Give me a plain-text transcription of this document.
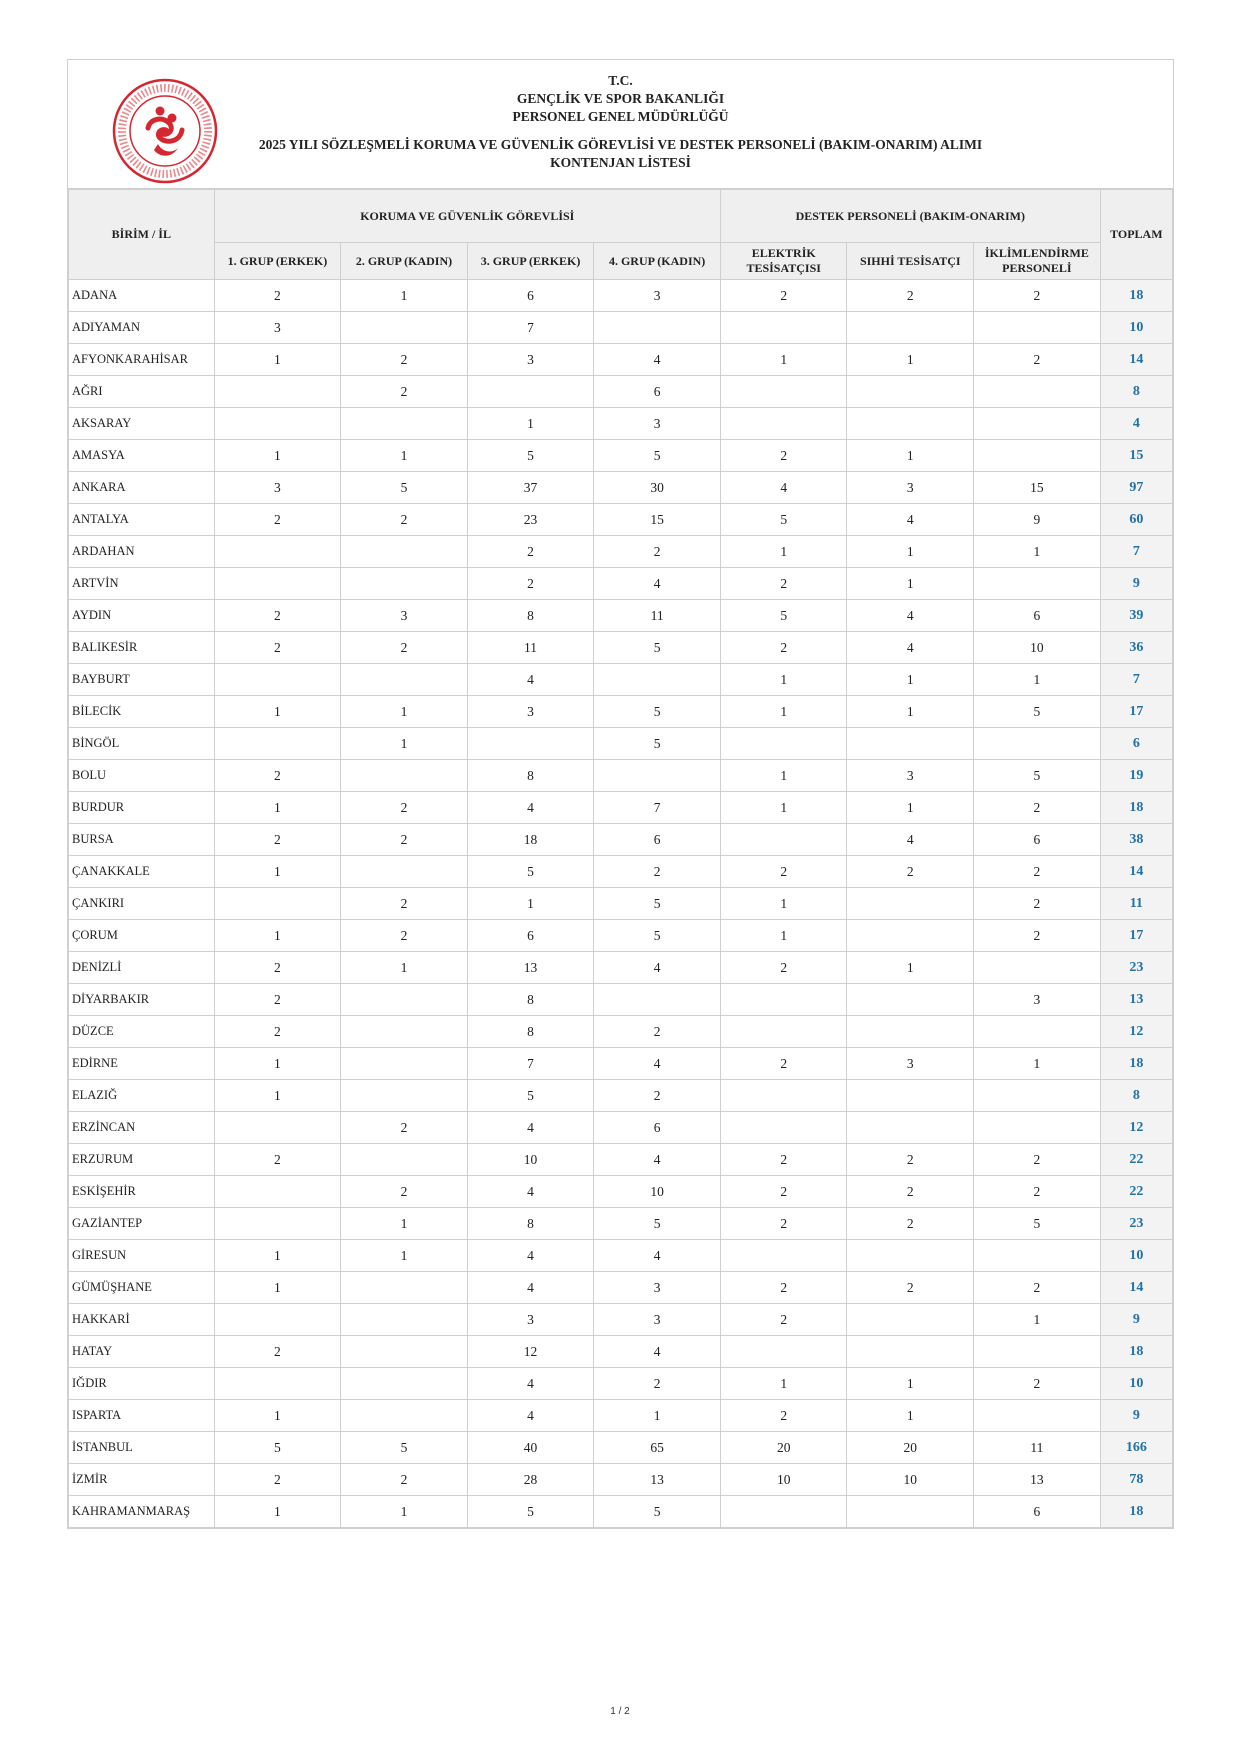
T.C.
GENÇLİK VE SPOR BAKANLIĞI
PERSONEL GENEL MÜDÜRLÜĞÜ
2025 YILI SÖZLEŞMELİ KORUMA VE GÜVENLİK GÖREVLİSİ VE DESTEK PERSONELİ (BAKIM-ONARIM) ALIMI
KONTENJAN LİSTESİ
BİRİM / İL	KORUMA VE GÜVENLİK GÖREVLİSİ				DESTEK PERSONELİ (BAKIM-ONARIM)			TOPLAM
	1. GRUP (ERKEK)	2. GRUP (KADIN)	3. GRUP (ERKEK)	4. GRUP (KADIN)	ELEKTRİK TESİSATÇISI	SIHHİ TESİSATÇI	İKLİMLENDİRME PERSONELİ	
ADANA	2	1	6	3	2	2	2	18
ADIYAMAN	3		7					10
AFYONKARAHİSAR	1	2	3	4	1	1	2	14
AĞRI		2		6				8
AKSARAY			1	3				4
AMASYA	1	1	5	5	2	1		15
ANKARA	3	5	37	30	4	3	15	97
ANTALYA	2	2	23	15	5	4	9	60
ARDAHAN			2	2	1	1	1	7
ARTVİN			2	4	2	1		9
AYDIN	2	3	8	11	5	4	6	39
BALIKESİR	2	2	11	5	2	4	10	36
BAYBURT			4		1	1	1	7
BİLECİK	1	1	3	5	1	1	5	17
BİNGÖL		1		5				6
BOLU	2		8		1	3	5	19
BURDUR	1	2	4	7	1	1	2	18
BURSA	2	2	18	6		4	6	38
ÇANAKKALE	1		5	2	2	2	2	14
ÇANKIRI		2	1	5	1		2	11
ÇORUM	1	2	6	5	1		2	17
DENİZLİ	2	1	13	4	2	1		23
DİYARBAKIR	2		8				3	13
DÜZCE	2		8	2				12
EDİRNE	1		7	4	2	3	1	18
ELAZIĞ	1		5	2				8
ERZİNCAN		2	4	6				12
ERZURUM	2		10	4	2	2	2	22
ESKİŞEHİR		2	4	10	2	2	2	22
GAZİANTEP		1	8	5	2	2	5	23
GİRESUN	1	1	4	4				10
GÜMÜŞHANE	1		4	3	2	2	2	14
HAKKARİ			3	3	2		1	9
HATAY	2		12	4				18
IĞDIR			4	2	1	1	2	10
ISPARTA	1		4	1	2	1		9
İSTANBUL	5	5	40	65	20	20	11	166
İZMİR	2	2	28	13	10	10	13	78
KAHRAMANMARAŞ	1	1	5	5			6	18
1 / 2
